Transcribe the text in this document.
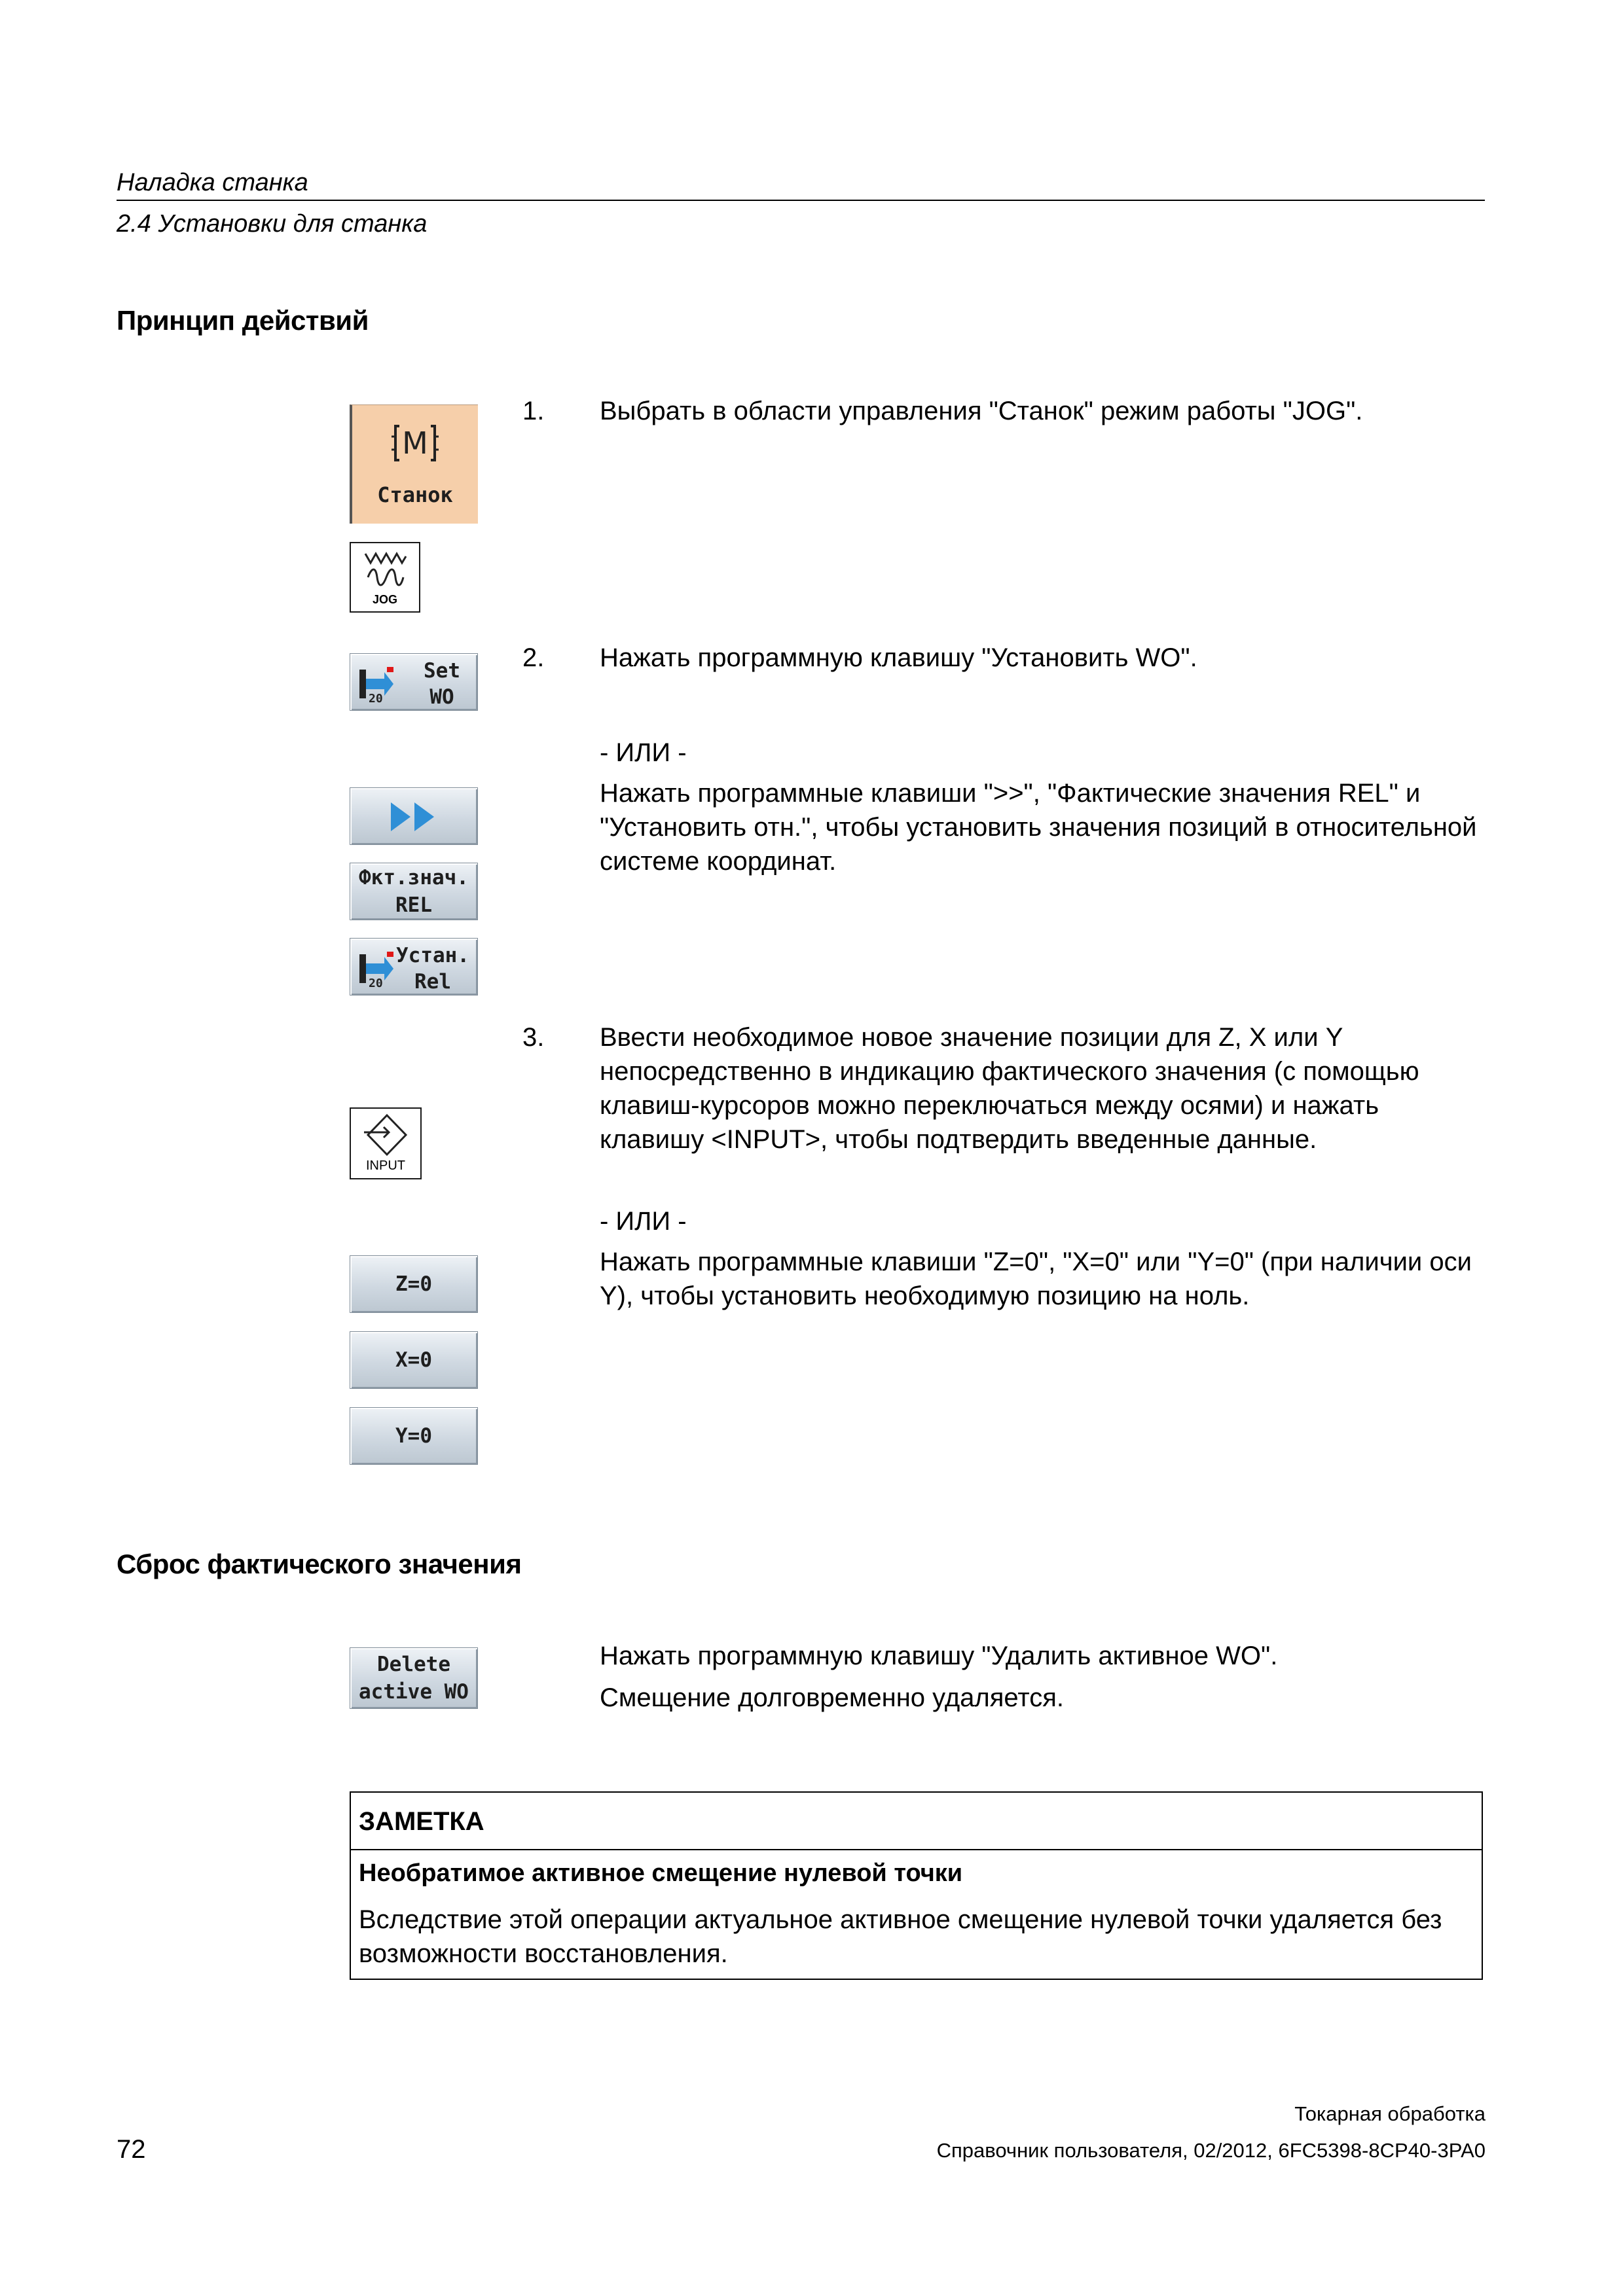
Наладка станка
2.4 Установки для станка
Принцип действий
M
Станок
JOG
1. Выбрать в области управления "Станок" режим работы "JOG".
20
Set
WO
2. Нажать программную клавишу "Установить WO".
- ИЛИ -
Нажать программные клавиши ">>", "Фактические значения REL" и "Установить отн.", чтобы установить значения позиций в относительной системе координат.
Фкт.знач.
REL
20
Устан.
Rel
3. Ввести необходимое новое значение позиции для Z, X или Y непосредственно в индикацию фактического значения (с помощью клавиш-курсоров можно переключаться между осями) и нажать клавишу <INPUT>, чтобы подтвердить введенные данные.
INPUT
- ИЛИ -
Нажать программные клавиши "Z=0", "X=0" или "Y=0" (при наличии оси Y), чтобы установить необходимую позицию на ноль.
Z=0
X=0
Y=0
Сброс фактического значения
Delete
active WO
Нажать программную клавишу "Удалить активное WO".
Смещение долговременно удаляется.
ЗАМЕТКА
Необратимое активное смещение нулевой точки
Вследствие этой операции актуальное активное смещение нулевой точки удаляется без возможности восстановления.
Токарная обработка
72	Справочник пользователя, 02/2012, 6FC5398-8CP40-3PA0
